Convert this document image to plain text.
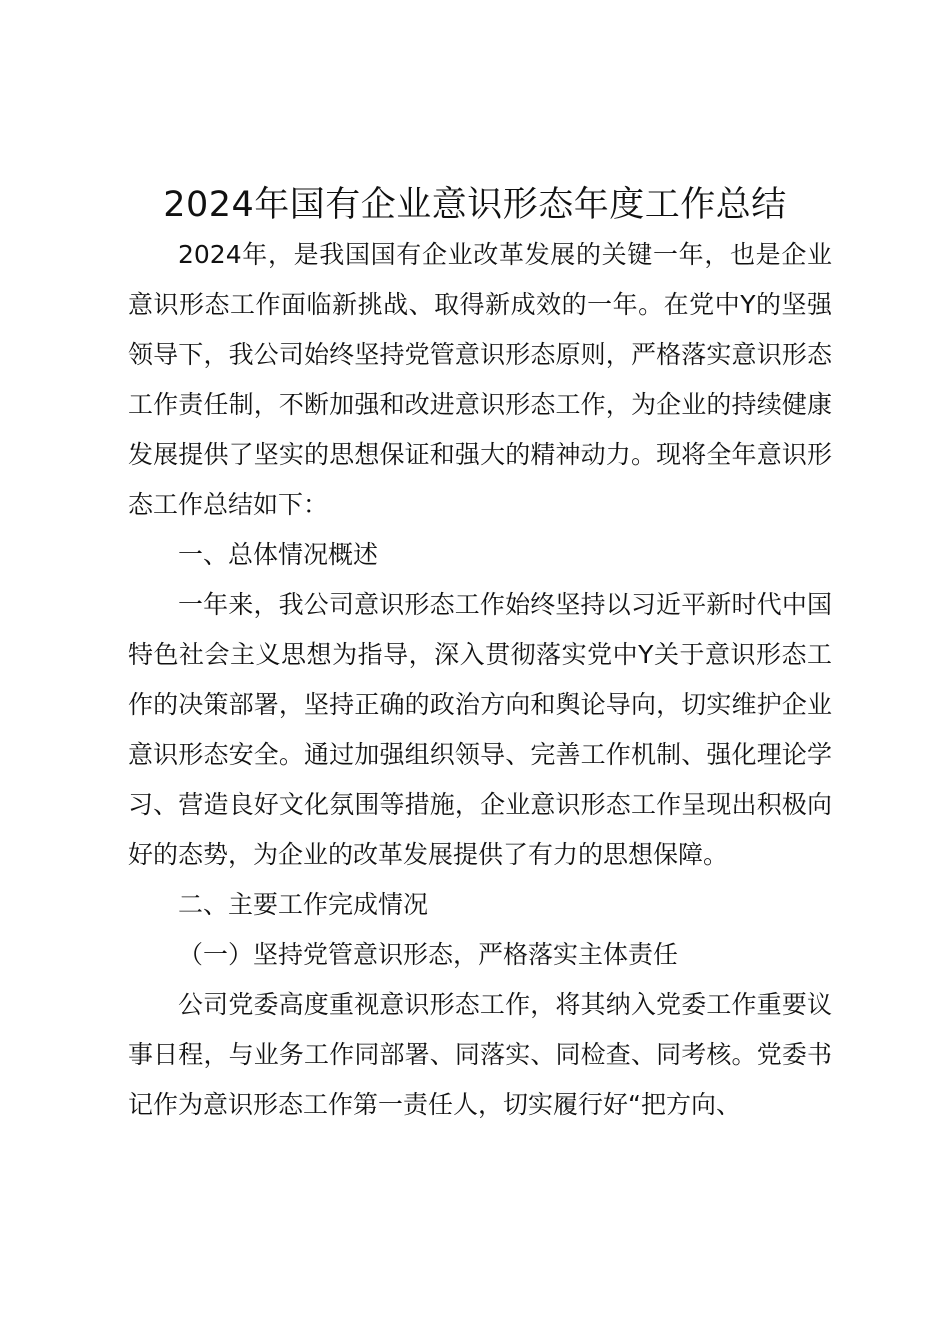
2024年国有企业意识形态年度工作总结

2024年，是我国国有企业改革发展的关键一年，也是企业意识形态工作面临新挑战、取得新成效的一年。在党中Y的坚强领导下，我公司始终坚持党管意识形态原则，严格落实意识形态工作责任制，不断加强和改进意识形态工作，为企业的持续健康发展提供了坚实的思想保证和强大的精神动力。现将全年意识形态工作总结如下：

一、总体情况概述

一年来，我公司意识形态工作始终坚持以习近平新时代中国特色社会主义思想为指导，深入贯彻落实党中Y关于意识形态工作的决策部署，坚持正确的政治方向和舆论导向，切实维护企业意识形态安全。通过加强组织领导、完善工作机制、强化理论学习、营造良好文化氛围等措施，企业意识形态工作呈现出积极向好的态势，为企业的改革发展提供了有力的思想保障。

二、主要工作完成情况

（一）坚持党管意识形态，严格落实主体责任

公司党委高度重视意识形态工作，将其纳入党委工作重要议事日程，与业务工作同部署、同落实、同检查、同考核。党委书记作为意识形态工作第一责任人，切实履行好“把方向、
